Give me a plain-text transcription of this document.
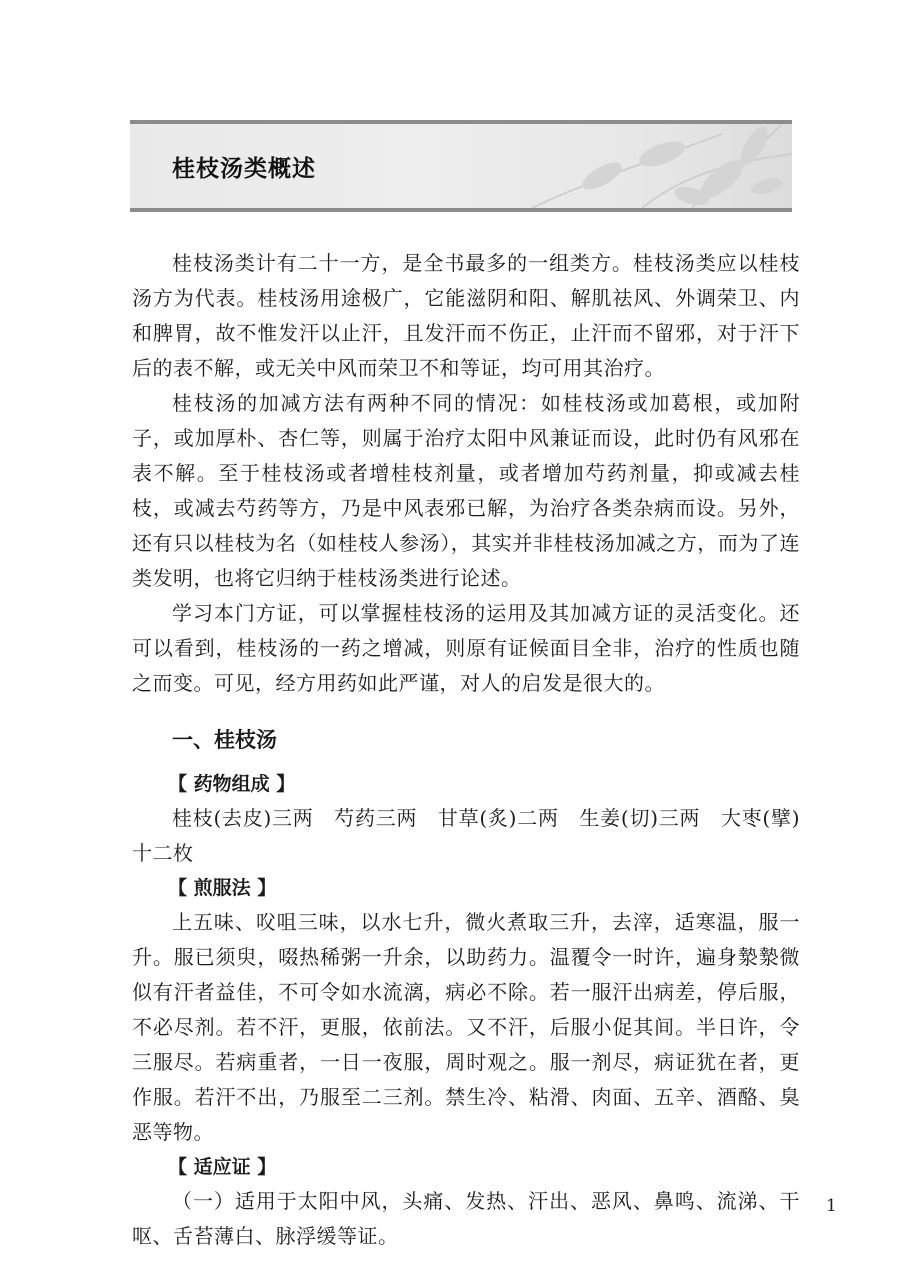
桂枝汤类概述

桂枝汤类计有二十一方，是全书最多的一组类方。桂枝汤类应以桂枝汤方为代表。桂枝汤用途极广，它能滋阴和阳、解肌祛风、外调荣卫、内和脾胃，故不惟发汗以止汗，且发汗而不伤正，止汗而不留邪，对于汗下后的表不解，或无关中风而荣卫不和等证，均可用其治疗。

桂枝汤的加减方法有两种不同的情况：如桂枝汤或加葛根，或加附子，或加厚朴、杏仁等，则属于治疗太阳中风兼证而设，此时仍有风邪在表不解。至于桂枝汤或者增桂枝剂量，或者增加芍药剂量，抑或减去桂枝，或减去芍药等方，乃是中风表邪已解，为治疗各类杂病而设。另外，还有只以桂枝为名（如桂枝人参汤），其实并非桂枝汤加减之方，而为了连类发明，也将它归纳于桂枝汤类进行论述。

学习本门方证，可以掌握桂枝汤的运用及其加减方证的灵活变化。还可以看到，桂枝汤的一药之增减，则原有证候面目全非，治疗的性质也随之而变。可见，经方用药如此严谨，对人的启发是很大的。

一、桂枝汤
【 药物组成 】

桂枝(去皮)三两　芍药三两　甘草(炙)二两　生姜(切)三两　大枣(擘)十二枚

【 煎服法 】

上五味、㕮咀三味，以水七升，微火煮取三升，去滓，适寒温，服一升。服已须臾，啜热稀粥一升余，以助药力。温覆令一时许，遍身漐漐微似有汗者益佳，不可令如水流漓，病必不除。若一服汗出病差，停后服，不必尽剂。若不汗，更服，依前法。又不汗，后服小促其间。半日许，令三服尽。若病重者，一日一夜服，周时观之。服一剂尽，病证犹在者，更作服。若汗不出，乃服至二三剂。禁生冷、粘滑、肉面、五辛、酒酪、臭恶等物。

【 适应证 】

（一）适用于太阳中风，头痛、发热、汗出、恶风、鼻鸣、流涕、干呕、舌苔薄白、脉浮缓等证。

1
